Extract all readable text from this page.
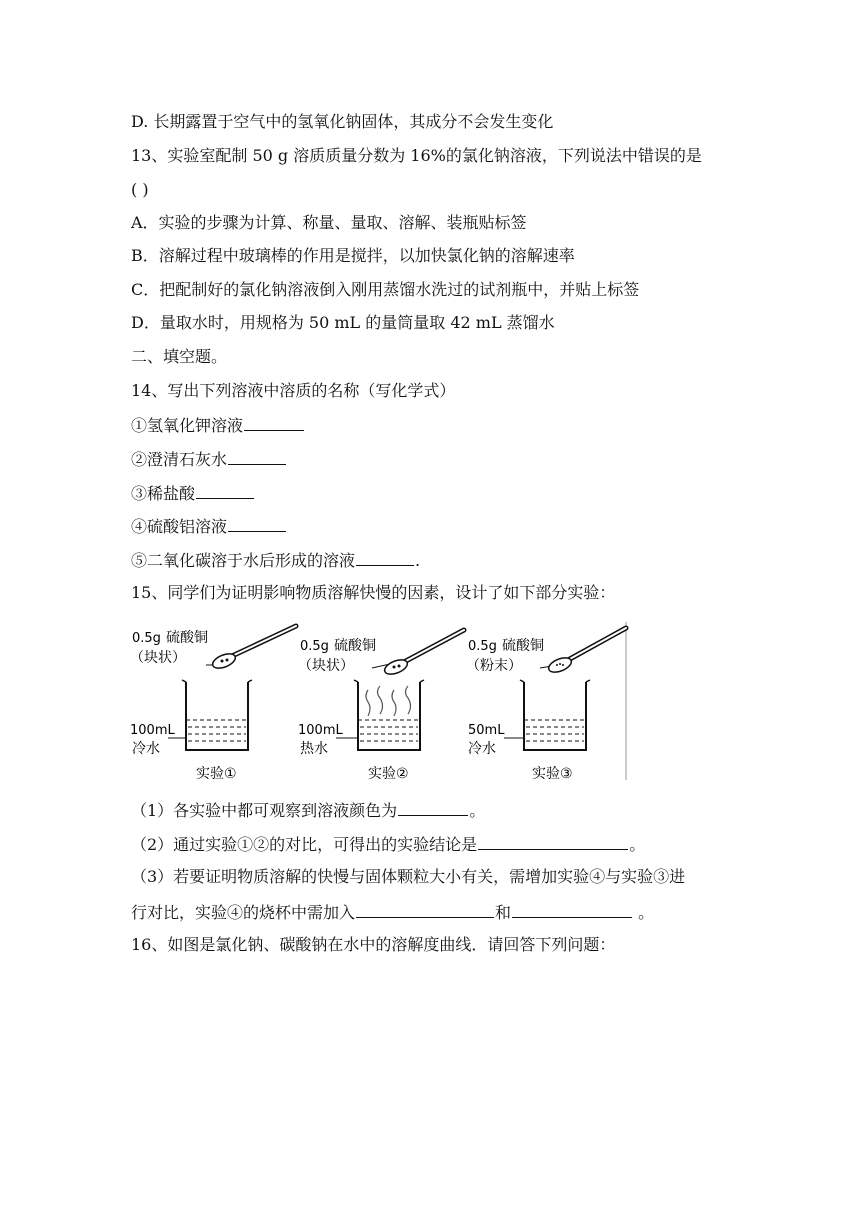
D. 长期露置于空气中的氢氧化钠固体，其成分不会发生变化
13、实验室配制 50 g 溶质质量分数为 16%的氯化钠溶液，下列说法中错误的是
( )
A．实验的步骤为计算、称量、量取、溶解、装瓶贴标签
B．溶解过程中玻璃棒的作用是搅拌，以加快氯化钠的溶解速率
C．把配制好的氯化钠溶液倒入刚用蒸馏水洗过的试剂瓶中，并贴上标签
D．量取水时，用规格为 50 mL 的量筒量取 42 mL 蒸馏水
二、填空题。
14、写出下列溶液中溶质的名称（写化学式）
①氢氧化钾溶液
②澄清石灰水
③稀盐酸
④硫酸铝溶液
⑤二氧化碳溶于水后形成的溶液	.
15、同学们为证明影响物质溶解快慢的因素，设计了如下部分实验：
0.5g 硫酸铜
（块状）
100mL
冷水
实验①
0.5g 硫酸铜
（块状）
100mL
热水
实验②
0.5g 硫酸铜
（粉末）
50mL
冷水
实验③
（1）各实验中都可观察到溶液颜色为	。
（2）通过实验①②的对比，可得出的实验结论是	。
（3）若要证明物质溶解的快慢与固体颗粒大小有关，需增加实验④与实验③进
行对比，实验④的烧杯中需加入	和	。
16、如图是氯化钠、碳酸钠在水中的溶解度曲线．请回答下列问题：
